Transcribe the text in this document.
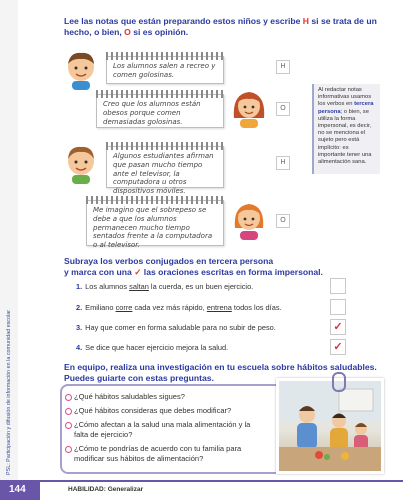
PSL: Participación y difusión de información en la comunidad escolar
Lee las notas que están preparando estos niños y escribe H si se trata de un hecho, o bien, O si es opinión.
Los alumnos salen a recreo y comen golosinas.
H
Creo que los alumnos están obesos porque comen demasiadas golosinas.
O
Algunos estudiantes afirman que pasan mucho tiempo ante el televisor, la computadora u otros dispositivos móviles.
H
Me imagino que el sobrepeso se debe a que los alumnos permanecen mucho tiempo sentados frente a la computadora o al televisor.
O
Al redactar notas informativas usamos los verbos en tercera persona; o bien, se utiliza la forma impersonal, es decir, no se menciona el sujeto pero está implícito: es importante tener una alimentación sana.
Subraya los verbos conjugados en tercera persona
y marca con una ✓ las oraciones escritas en forma impersonal.
1. Los alumnos saltan la cuerda, es un buen ejercicio.
2. Emiliano corre cada vez más rápido, entrena todos los días.
3. Hay que comer en forma saludable para no subir de peso.	✓
4. Se dice que hacer ejercicio mejora la salud.	✓
En equipo, realiza una investigación en tu escuela sobre hábitos saludables.
Puedes guiarte con estas preguntas.
¿Qué hábitos saludables sigues?
¿Qué hábitos consideras que debes modificar?
¿Cómo afectan a la salud una mala alimentación y la falta de ejercicio?
¿Cómo te pondrías de acuerdo con tu familia para modificar sus hábitos de alimentación?
144	HABILIDAD: Generalizar
